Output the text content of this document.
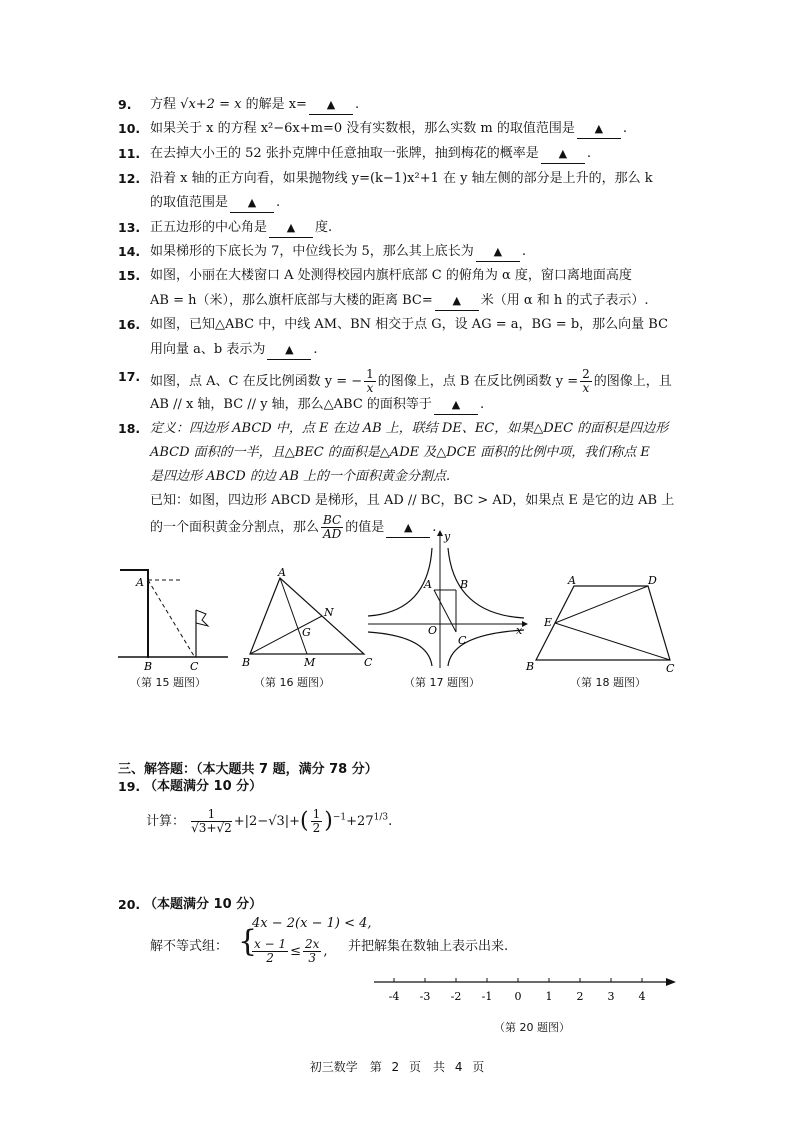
9. 方程 √x+2 = x 的解是 x= ▲ .
10. 如果关于 x 的方程 x²−6x+m=0 没有实数根，那么实数 m 的取值范围是 ▲ .
11. 在去掉大小王的 52 张扑克牌中任意抽取一张牌，抽到梅花的概率是 ▲ .
12. 沿着 x 轴的正方向看，如果抛物线 y=(k−1)x²+1 在 y 轴左侧的部分是上升的，那么 k
的取值范围是 ▲ .
13. 正五边形的中心角是 ▲ 度.
14. 如果梯形的下底长为 7，中位线长为 5，那么其上底长为 ▲ .
15. 如图，小丽在大楼窗口 A 处测得校园内旗杆底部 C 的俯角为 α 度，窗口离地面高度
AB = h（米），那么旗杆底部与大楼的距离 BC= ▲ 米（用 α 和 h 的式子表示）.
16. 如图，已知△ABC 中，中线 AM、BN 相交于点 G，设 AG = a，BG = b，那么向量 BC
用向量 a、b 表示为 ▲ .
17. 如图，点 A、C 在反比例函数 y = − $\frac{1}{x}$ 的图像上，点 B 在反比例函数 $y = \frac{2}{x}$ 的图像上，且
AB // x 轴，BC // y 轴，那么△ABC 的面积等于 ▲ .
18. 定义：四边形 ABCD 中，点 E 在边 AB 上，联结 DE、EC，如果△DEC 的面积是四边形
ABCD 面积的一半，且△BEC 的面积是△ADE 及△DCE 面积的比例中项，我们称点 E
是四边形 ABCD 的边 AB 上的一个面积黄金分割点.
已知：如图，四边形 ABCD 是梯形，且 AD // BC，BC > AD，如果点 E 是它的边 AB 上
的一个面积黄金分割点，那么 $\frac{BC}{AD}$ 的值是 ▲ .
A
B	C
（第 15 题图）
A
B	C
M
N
G
（第 16 题图）
A	B
C
O	x
y
（第 17 题图）
A	D
E
B	C
（第 18 题图）
三、解答题：（本大题共 7 题，满分 78 分）
19. （本题满分 10 分）
计算： $\frac{1}{√3+√2} +|2-√3|+( \frac{1}{2} )^{-1}+27^{1/3}$.
20. （本题满分 10 分）
解不等式组： {
4x − 2(x − 1) < 4,
$\frac{x - 1}{2} \le \frac{2x}{3}$ , 并把解集在数轴上表示出来.
-4 -3 -2 -1 0 1 2 3 4
（第 20 题图）
初三数学　第 2 页　共 4 页
